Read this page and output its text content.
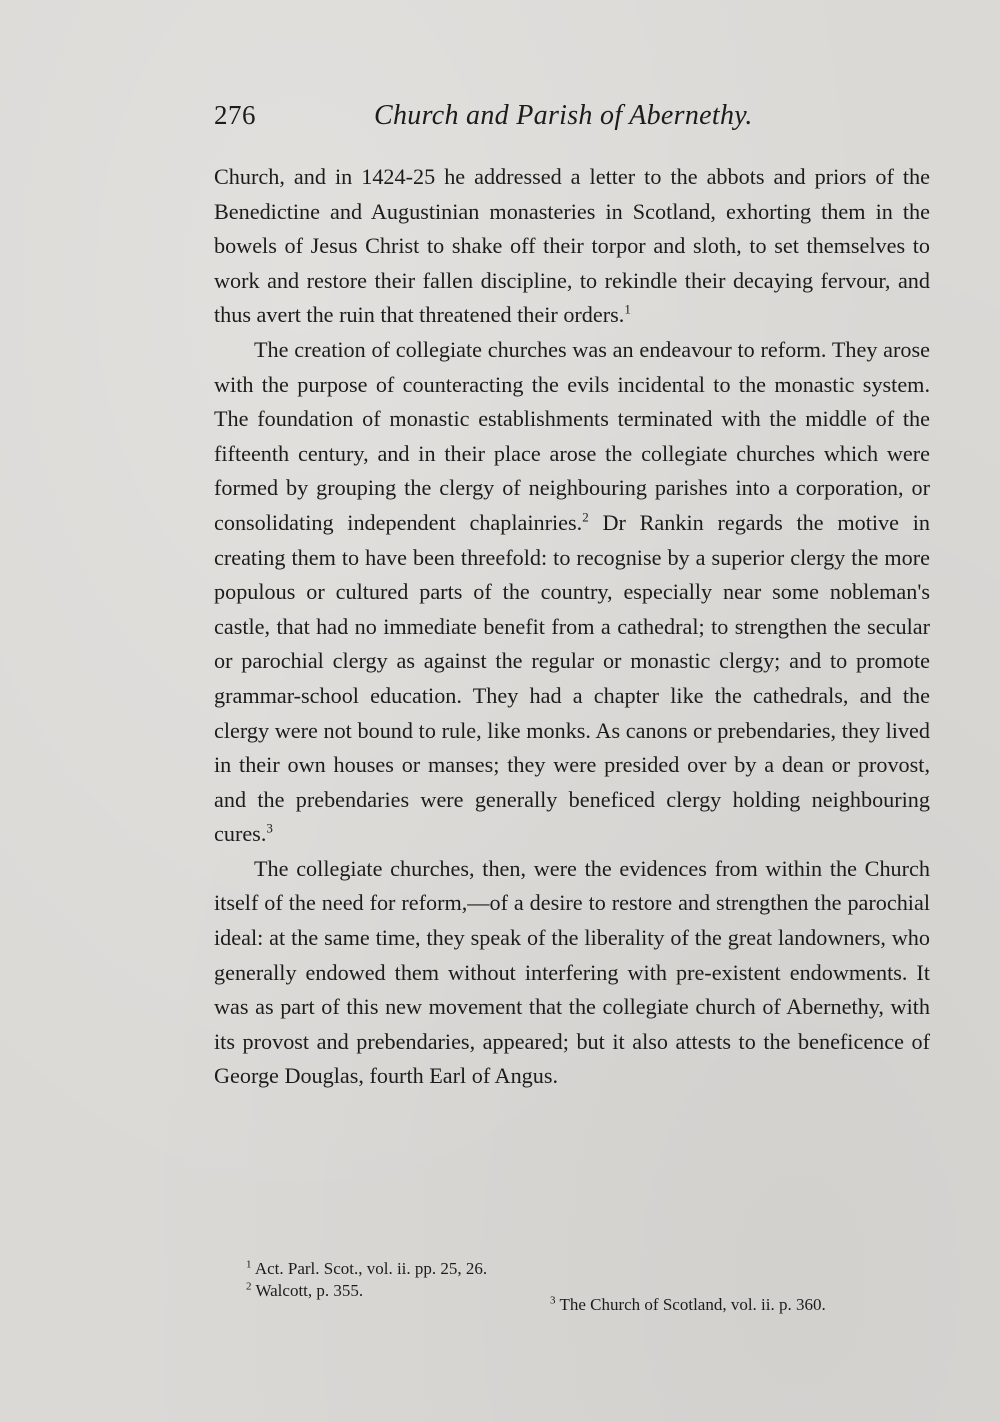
276	Church and Parish of Abernethy.

Church, and in 1424-25 he addressed a letter to the abbots and priors of the Benedictine and Augustinian monasteries in Scotland, exhorting them in the bowels of Jesus Christ to shake off their torpor and sloth, to set themselves to work and restore their fallen discipline, to rekindle their decaying fervour, and thus avert the ruin that threatened their orders.$^1$

The creation of collegiate churches was an endeavour to reform. They arose with the purpose of counteracting the evils incidental to the monastic system. The foundation of monastic establishments terminated with the middle of the fifteenth century, and in their place arose the collegiate churches which were formed by grouping the clergy of neighbouring parishes into a corporation, or consolidating independent chaplainries.$^2$ Dr Rankin regards the motive in creating them to have been threefold: to recognise by a superior clergy the more populous or cultured parts of the country, especially near some nobleman's castle, that had no immediate benefit from a cathedral; to strengthen the secular or parochial clergy as against the regular or monastic clergy; and to promote grammar-school education. They had a chapter like the cathedrals, and the clergy were not bound to rule, like monks. As canons or prebendaries, they lived in their own houses or manses; they were presided over by a dean or provost, and the prebendaries were generally beneficed clergy holding neighbouring cures.$^3$

The collegiate churches, then, were the evidences from within the Church itself of the need for reform,—of a desire to restore and strengthen the parochial ideal: at the same time, they speak of the liberality of the great landowners, who generally endowed them without interfering with pre-existent endowments. It was as part of this new movement that the collegiate church of Abernethy, with its provost and prebendaries, appeared; but it also attests to the beneficence of George Douglas, fourth Earl of Angus.

$^1$ Act. Parl. Scot., vol. ii. pp. 25, 26.
$^2$ Walcott, p. 355.
$^3$ The Church of Scotland, vol. ii. p. 360.
